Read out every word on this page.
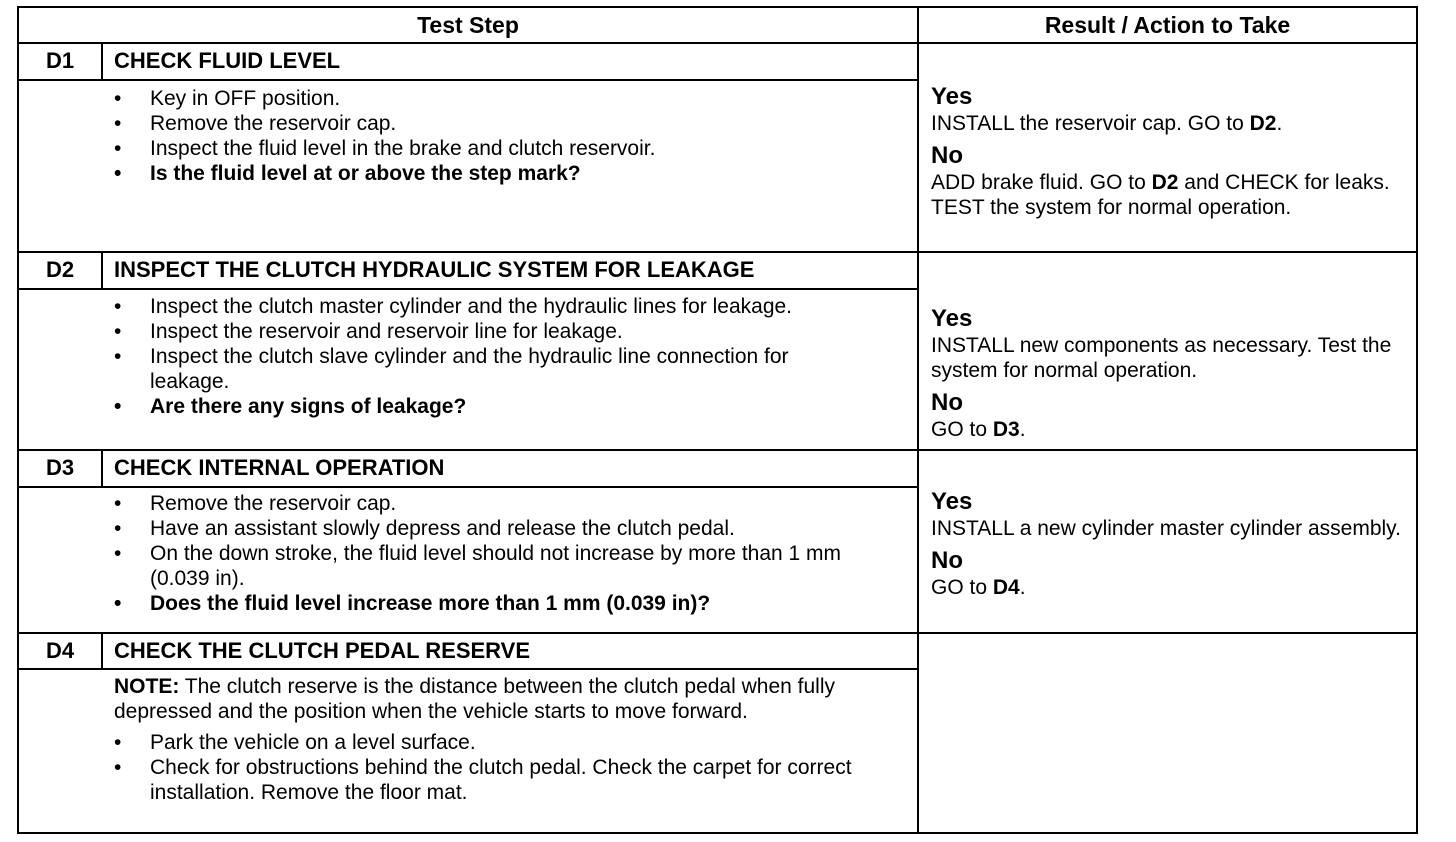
Test Step	Result / Action to Take
D1	CHECK FLUID LEVEL
• Key in OFF position.
• Remove the reservoir cap.
• Inspect the fluid level in the brake and clutch reservoir.
• Is the fluid level at or above the step mark?
Yes
INSTALL the reservoir cap. GO to D2.
No
ADD brake fluid. GO to D2 and CHECK for leaks. TEST the system for normal operation.
D2	INSPECT THE CLUTCH HYDRAULIC SYSTEM FOR LEAKAGE
• Inspect the clutch master cylinder and the hydraulic lines for leakage.
• Inspect the reservoir and reservoir line for leakage.
• Inspect the clutch slave cylinder and the hydraulic line connection for leakage.
• Are there any signs of leakage?
Yes
INSTALL new components as necessary. Test the system for normal operation.
No
GO to D3.
D3	CHECK INTERNAL OPERATION
• Remove the reservoir cap.
• Have an assistant slowly depress and release the clutch pedal.
• On the down stroke, the fluid level should not increase by more than 1 mm (0.039 in).
• Does the fluid level increase more than 1 mm (0.039 in)?
Yes
INSTALL a new cylinder master cylinder assembly.
No
GO to D4.
D4	CHECK THE CLUTCH PEDAL RESERVE

NOTE: The clutch reserve is the distance between the clutch pedal when fully depressed and the position when the vehicle starts to move forward.

• Park the vehicle on a level surface.
• Check for obstructions behind the clutch pedal. Check the carpet for correct installation. Remove the floor mat.
